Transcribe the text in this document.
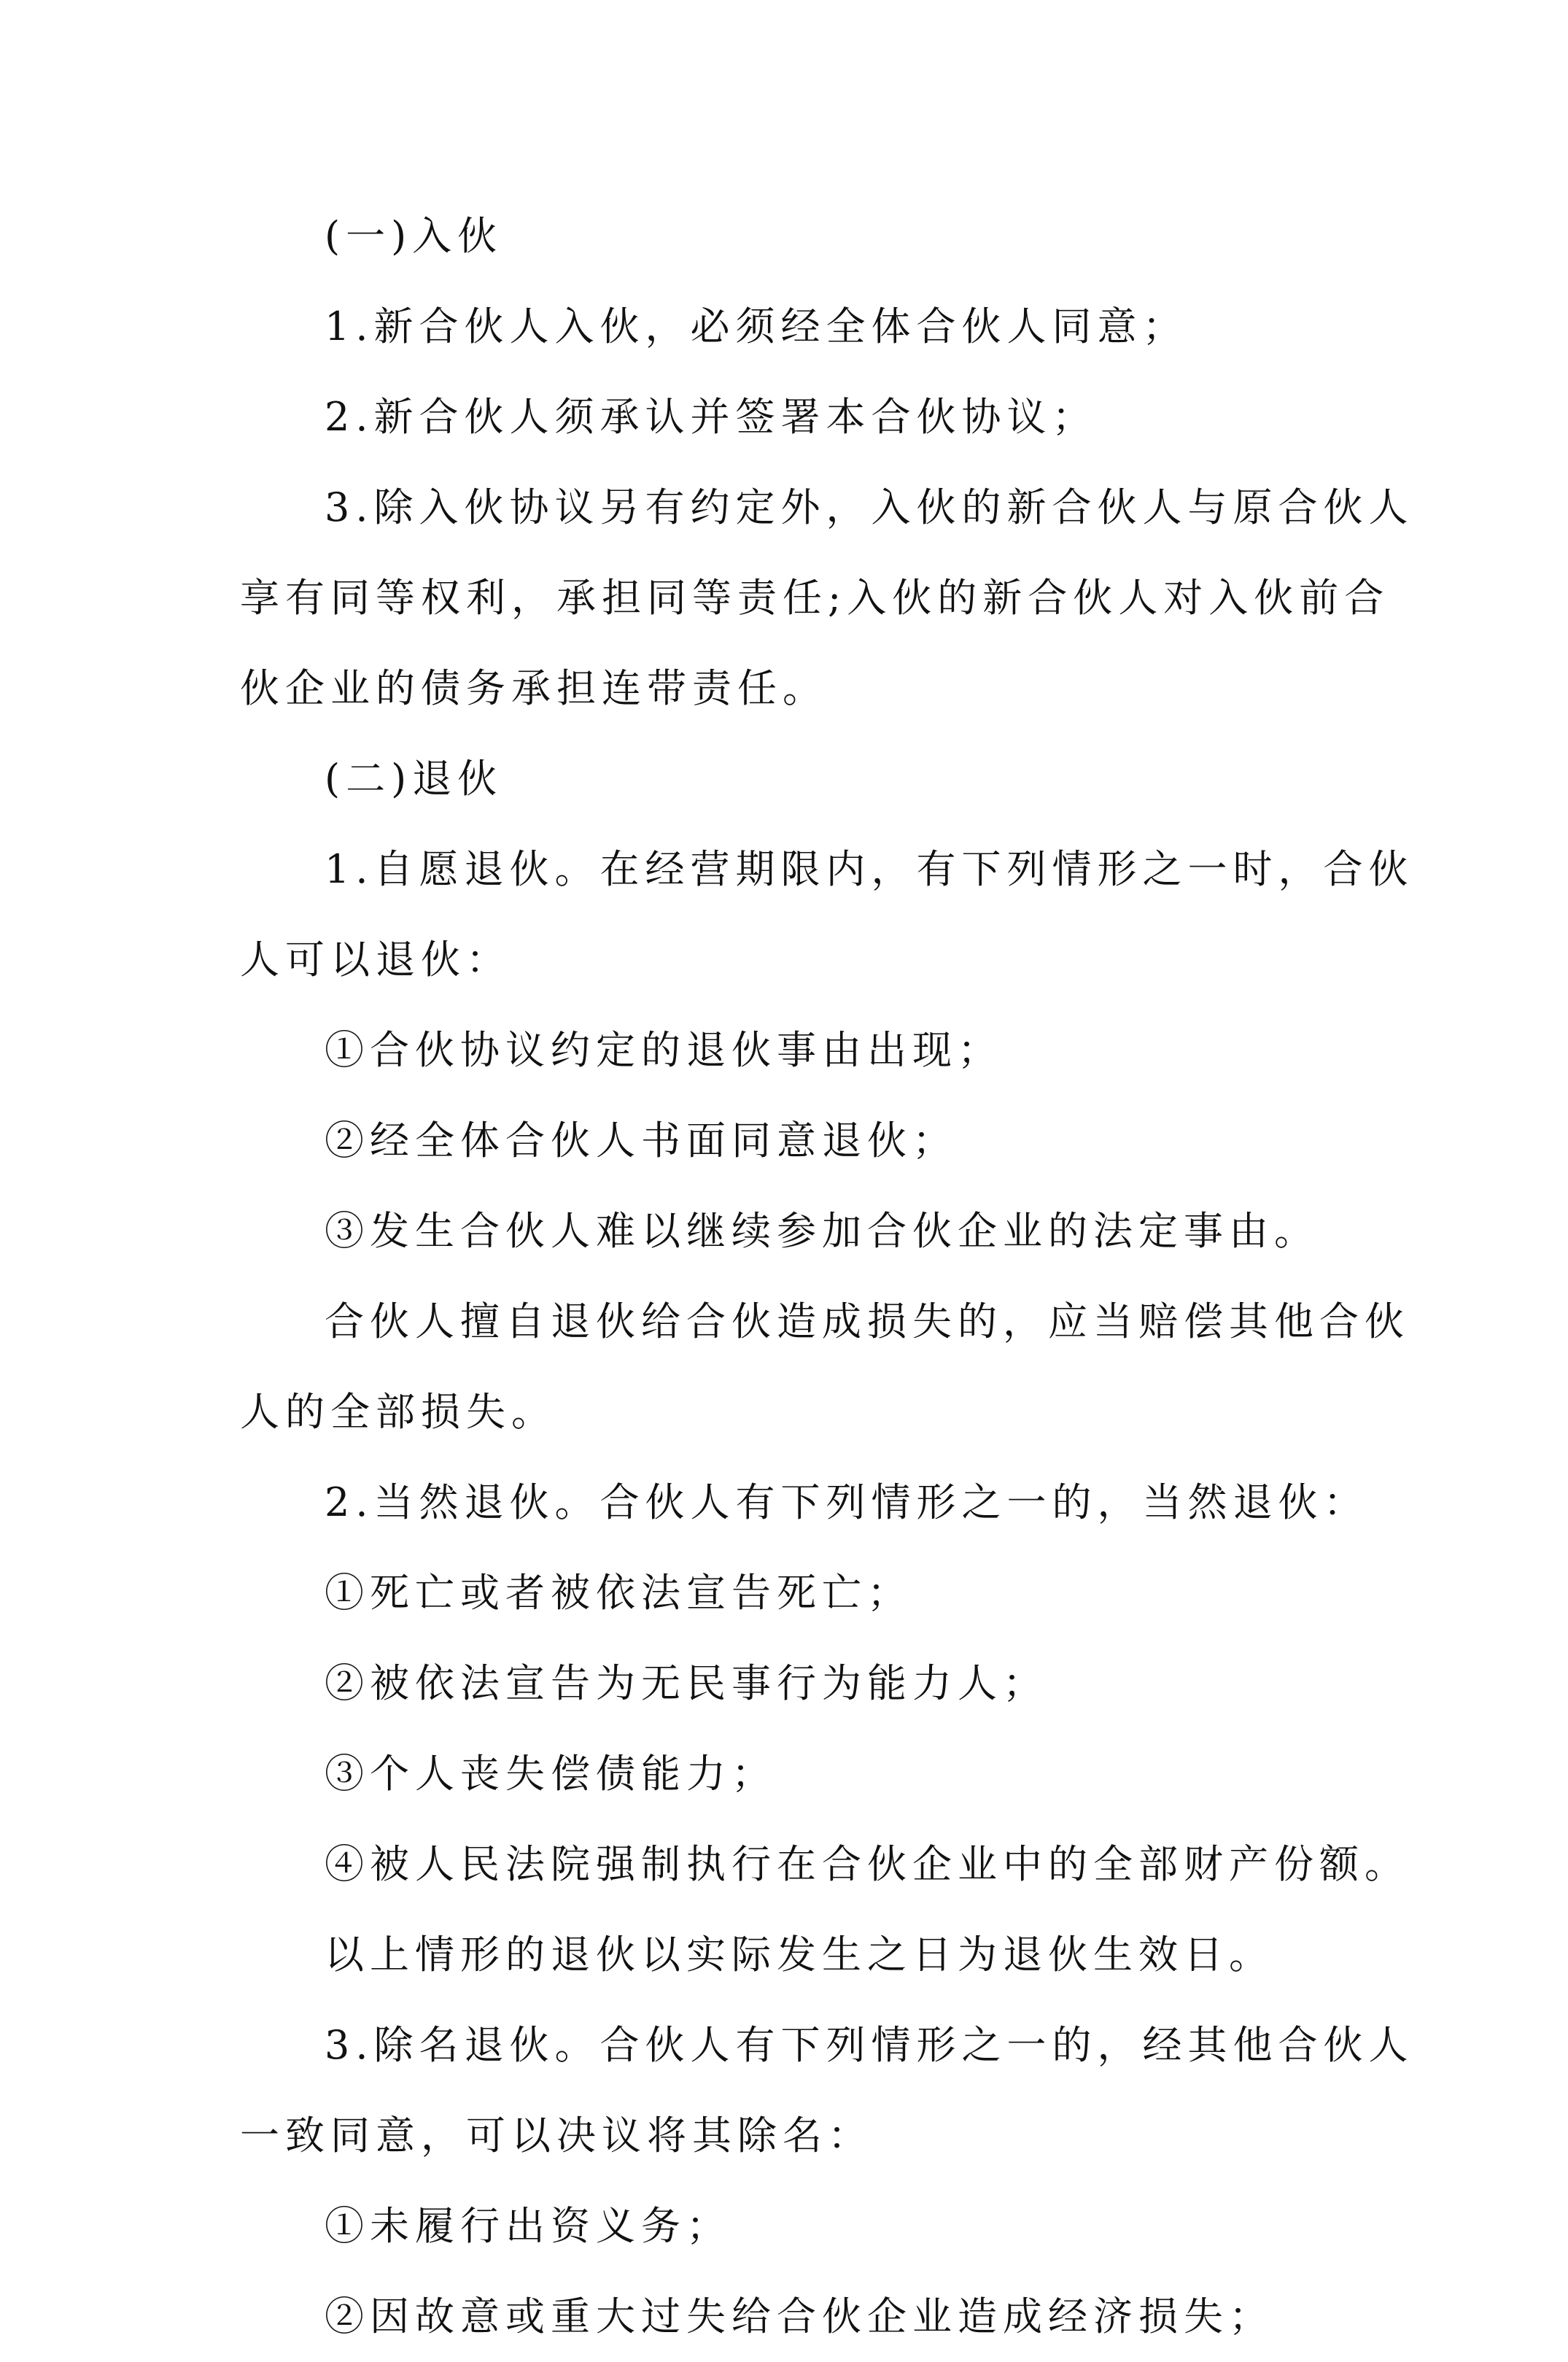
(一)入伙
1.新合伙人入伙，必须经全体合伙人同意；
2.新合伙人须承认并签署本合伙协议；
3.除入伙协议另有约定外，入伙的新合伙人与原合伙人
享有同等权利，承担同等责任;入伙的新合伙人对入伙前合
伙企业的债务承担连带责任。
(二)退伙
1.自愿退伙。在经营期限内，有下列情形之一时，合伙
人可以退伙：
①合伙协议约定的退伙事由出现；
②经全体合伙人书面同意退伙；
③发生合伙人难以继续参加合伙企业的法定事由。
合伙人擅自退伙给合伙造成损失的，应当赔偿其他合伙
人的全部损失。
2.当然退伙。合伙人有下列情形之一的，当然退伙：
①死亡或者被依法宣告死亡；
②被依法宣告为无民事行为能力人；
③个人丧失偿债能力；
④被人民法院强制执行在合伙企业中的全部财产份额。
以上情形的退伙以实际发生之日为退伙生效日。
3.除名退伙。合伙人有下列情形之一的，经其他合伙人
一致同意，可以决议将其除名：
①未履行出资义务；
②因故意或重大过失给合伙企业造成经济损失；
